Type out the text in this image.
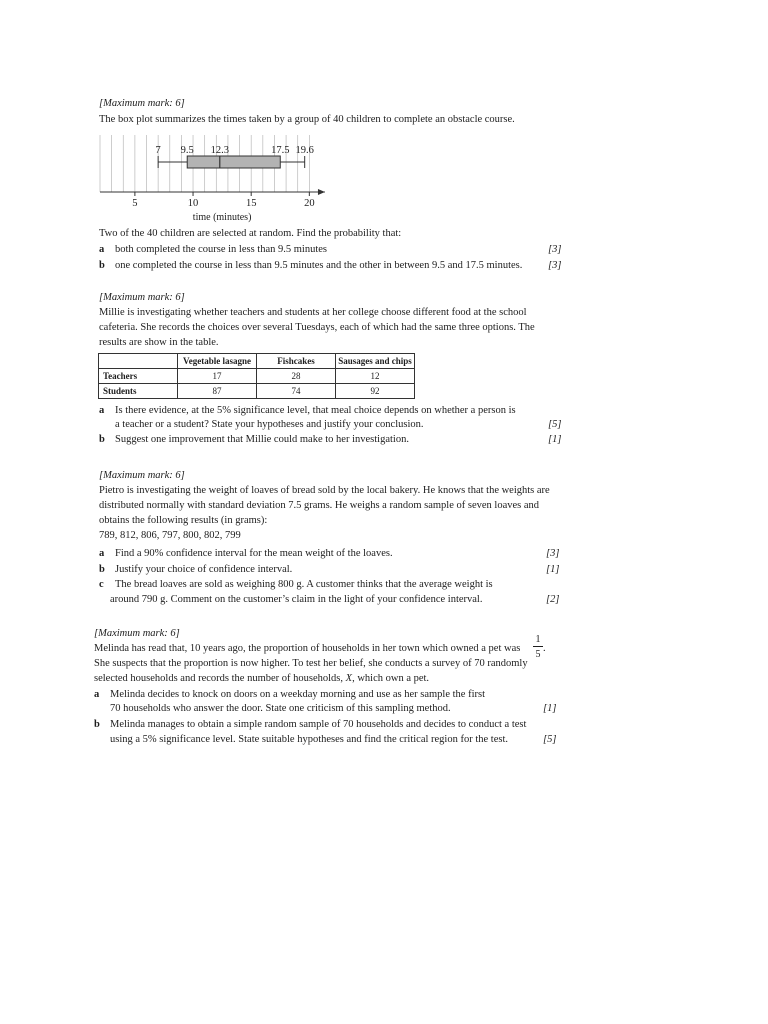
[Maximum mark: 6]
The box plot summarizes the times taken by a group of 40 children to complete an obstacle course.
5	10	15	20
time (minutes)
7 9.5 12.3	17.5 19.6
Two of the 40 children are selected at random. Find the probability that:
a both completed the course in less than 9.5 minutes	[3]
b one completed the course in less than 9.5 minutes and the other in between 9.5 and 17.5 minutes. [3]
[Maximum mark: 6]
Millie is investigating whether teachers and students at her college choose different food at the school
cafeteria. She records the choices over several Tuesdays, each of which had the same three options. The
results are show in the table.
	Vegetable lasagne	Fishcakes	Sausages and chips
Teachers	17	28	12
Students	87	74	92
a Is there evidence, at the 5% significance level, that meal choice depends on whether a person is
a teacher or a student? State your hypotheses and justify your conclusion.	[5]
b Suggest one improvement that Millie could make to her investigation.	[1]
[Maximum mark: 6]
Pietro is investigating the weight of loaves of bread sold by the local bakery. He knows that the weights are
distributed normally with standard deviation 7.5 grams. He weighs a random sample of seven loaves and
obtains the following results (in grams):
789, 812, 806, 797, 800, 802, 799
a Find a 90% confidence interval for the mean weight of the loaves.	[3]
b Justify your choice of confidence interval.	[1]
c The bread loaves are sold as weighing 800 g. A customer thinks that the average weight is
around 790 g. Comment on the customer’s claim in the light of your confidence interval.	[2]
[Maximum mark: 6]
Melinda has read that, 10 years ago, the proportion of households in her town which owned a pet was
1
5
.
She suspects that the proportion is now higher. To test her belief, she conducts a survey of 70 randomly
selected households and records the number of households, X, which own a pet.
a Melinda decides to knock on doors on a weekday morning and use as her sample the first
70 households who answer the door. State one criticism of this sampling method.	[1]
b Melinda manages to obtain a simple random sample of 70 households and decides to conduct a test
using a 5% significance level. State suitable hypotheses and find the critical region for the test.	[5]
